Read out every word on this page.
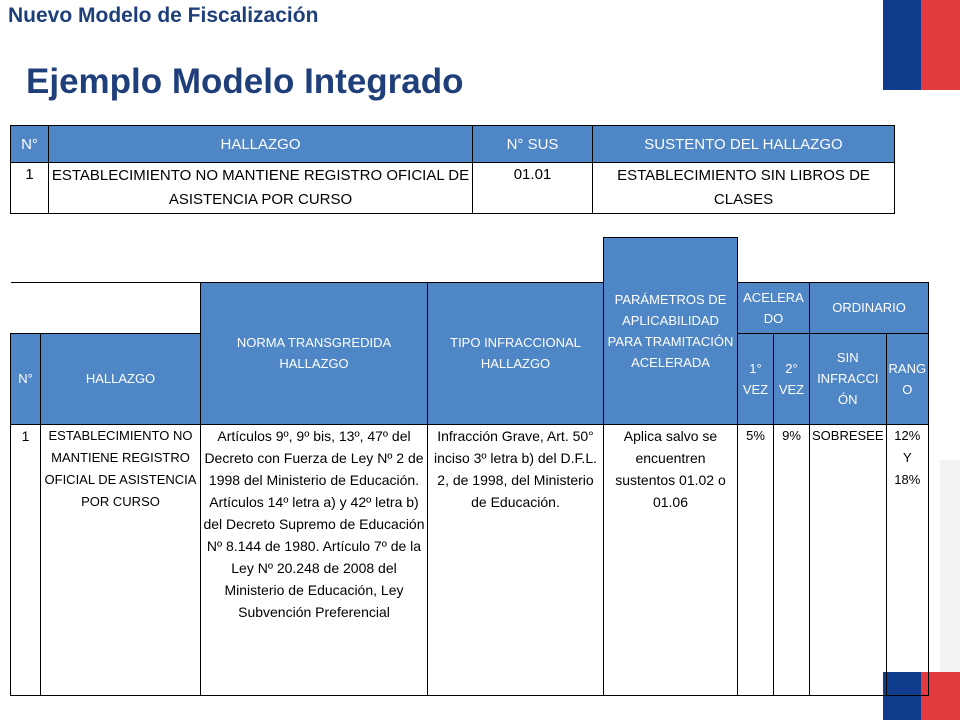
Nuevo Modelo de Fiscalización
Ejemplo Modelo Integrado
N°	HALLAZGO	N° SUS	SUSTENTO DEL HALLAZGO
1	ESTABLECIMIENTO NO MANTIENE REGISTRO OFICIAL DE ASISTENCIA POR CURSO	01.01	ESTABLECIMIENTO SIN LIBROS DE CLASES
				PARÁMETROS DE APLICABILIDAD PARA TRAMITACIÓN ACELERADA				
		NORMA TRANSGREDIDA HALLAZGO	TIPO INFRACCIONAL HALLAZGO		ACELERA DO		ORDINARIO	
N°	HALLAZGO				1° VEZ	2° VEZ	SIN INFRACCI ÓN	RANG O
1	ESTABLECIMIENTO NO MANTIENE REGISTRO OFICIAL DE ASISTENCIA POR CURSO	Artículos 9º, 9º bis, 13º, 47º del Decreto con Fuerza de Ley Nº 2 de 1998 del Ministerio de Educación. Artículos 14º letra a) y 42º letra b) del Decreto Supremo de Educación Nº 8.144 de 1980. Artículo 7º de la Ley Nº 20.248 de 2008 del Ministerio de Educación, Ley Subvención Preferencial	Infracción Grave, Art. 50° inciso 3º letra b) del D.F.L. 2, de 1998, del Ministerio de Educación.	Aplica salvo se encuentren sustentos 01.02 o 01.06	5%	9%	SOBRESEE	12% Y 18%
